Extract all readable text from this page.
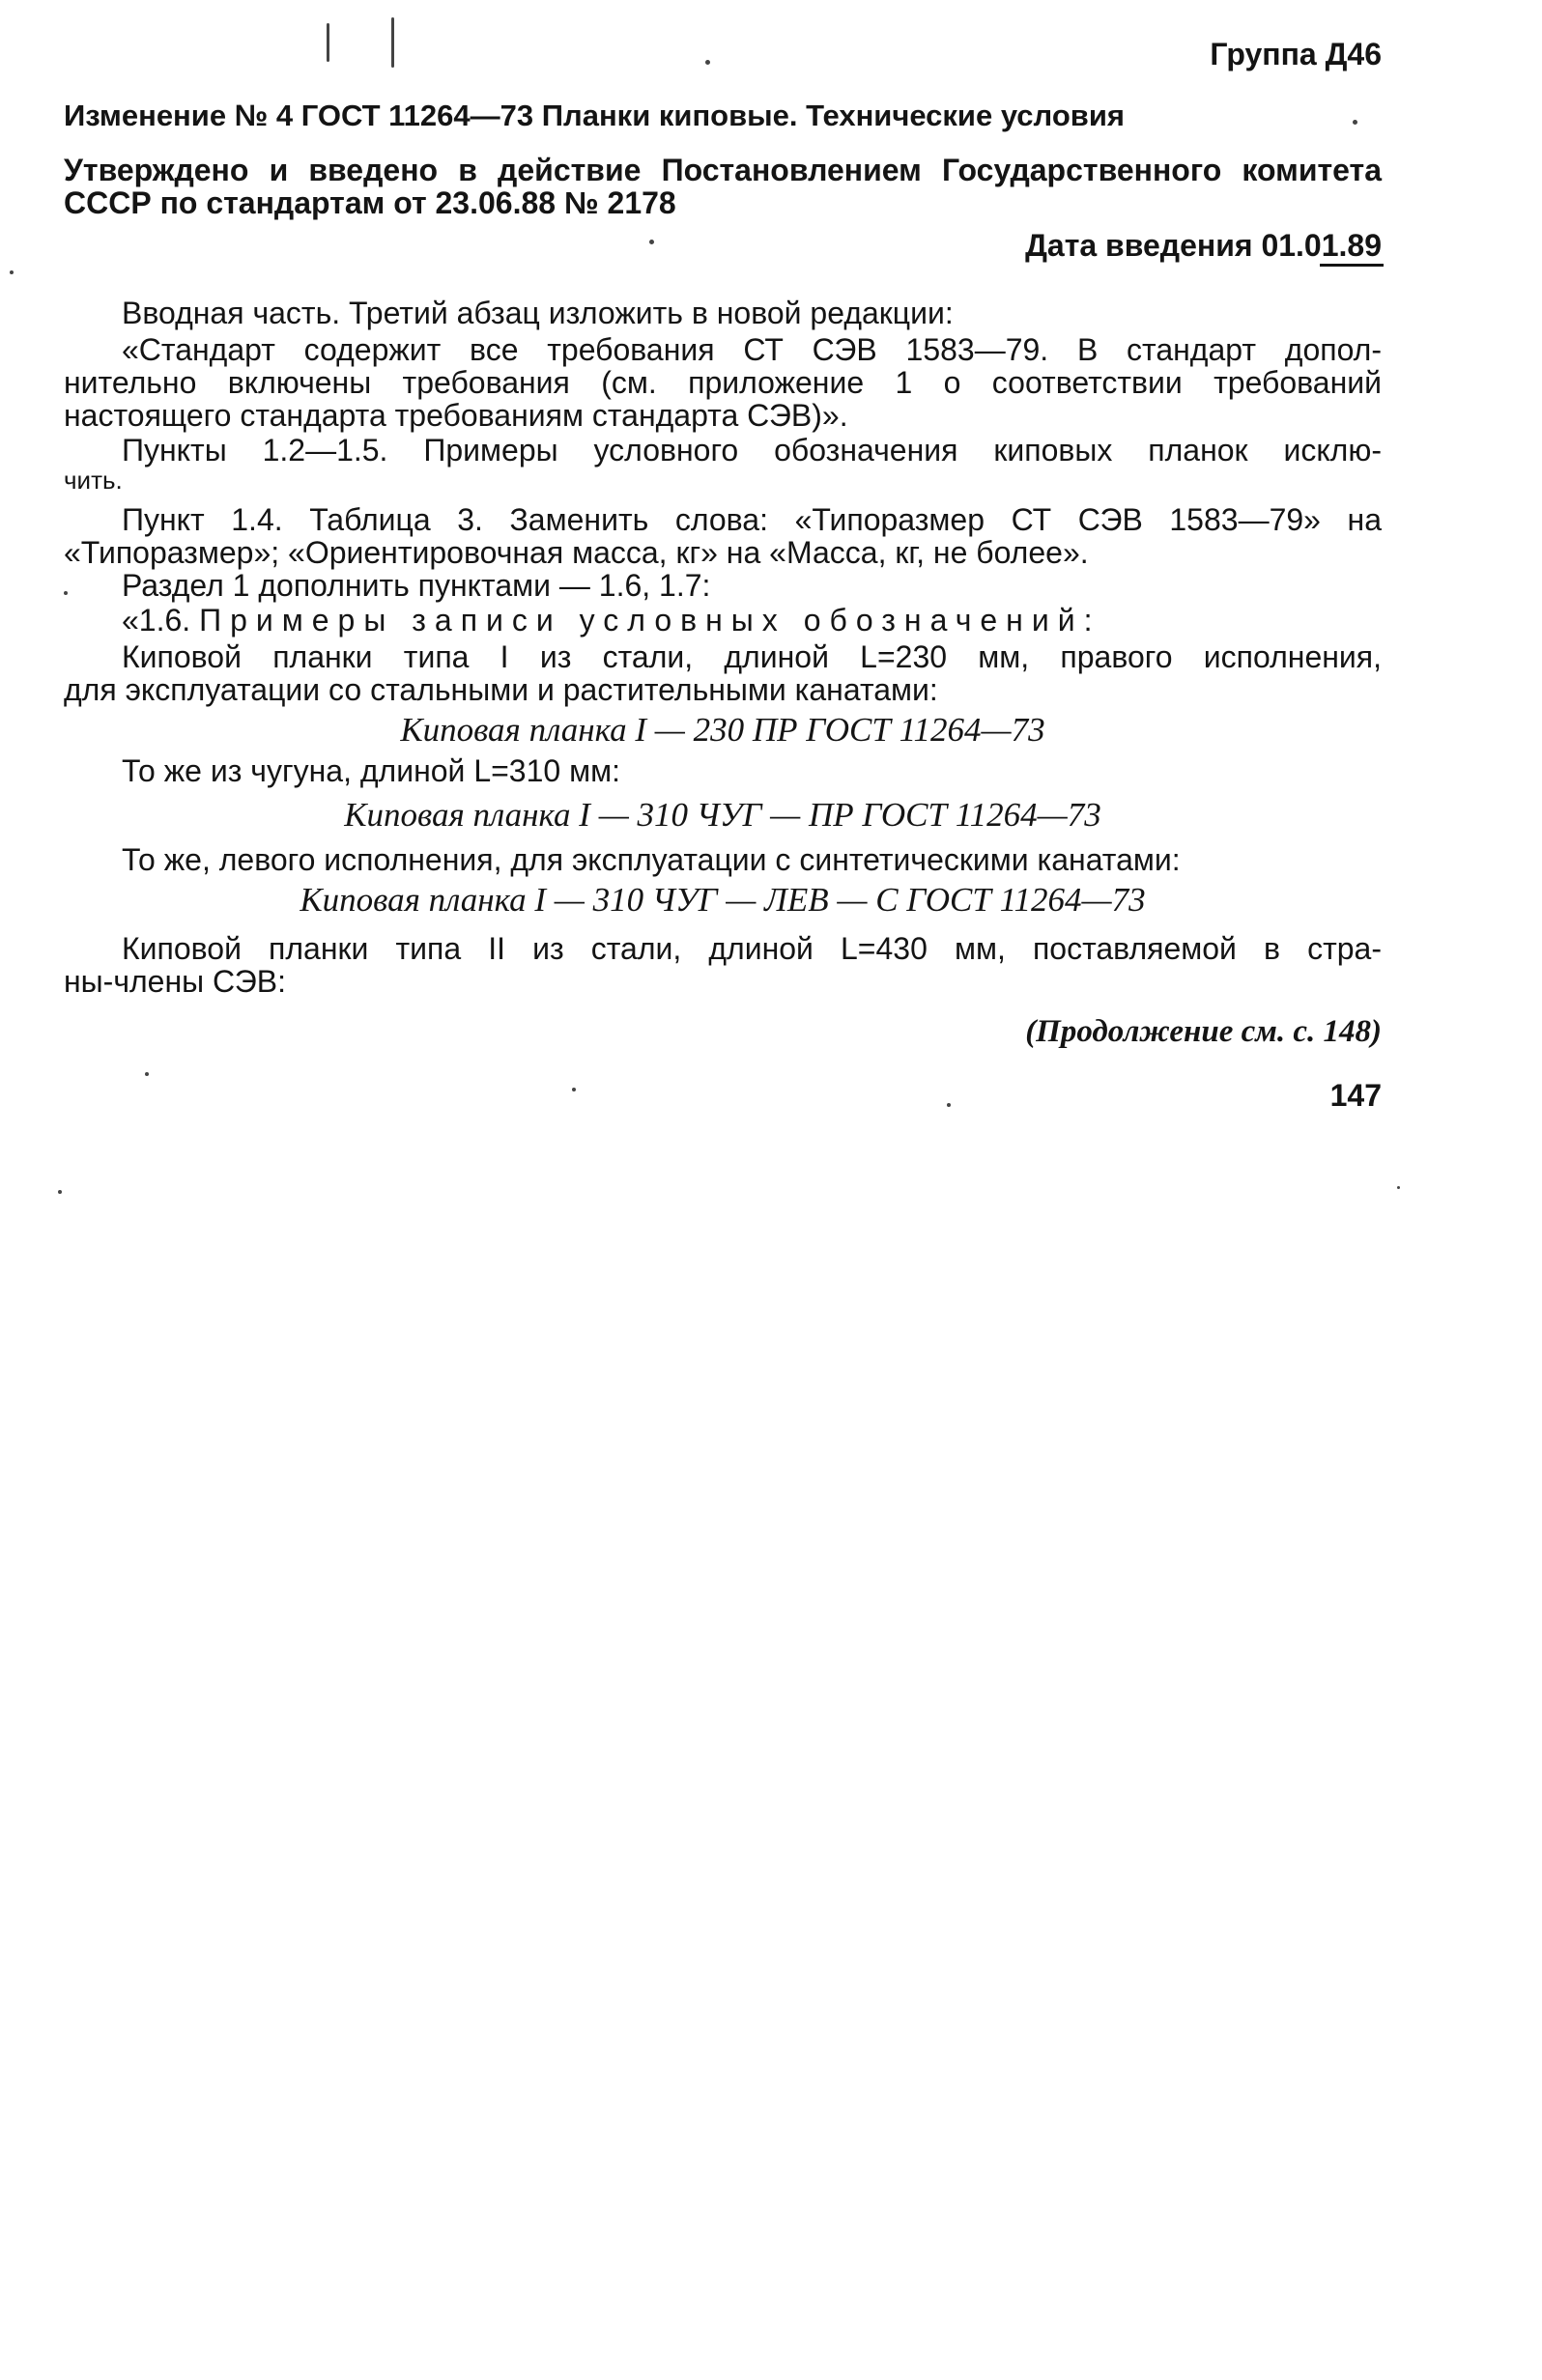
Группа Д46
Изменение № 4 ГОСТ 11264—73 Планки киповые. Технические условия
Утверждено и введено в действие Постановлением Государственного комитета
СССР по стандартам от 23.06.88 № 2178
Дата введения 01.01.89
Вводная часть. Третий абзац изложить в новой редакции:
«Стандарт содержит все требования СТ СЭВ 1583—79. В стандарт допол-
нительно включены требования (см. приложение 1 о соответствии требований
настоящего стандарта требованиям стандарта СЭВ)».
Пункты 1.2—1.5. Примеры условного обозначения киповых планок исклю-
чить.
Пункт 1.4. Таблица 3. Заменить слова: «Типоразмер СТ СЭВ 1583—79» на
«Типоразмер»; «Ориентировочная масса, кг» на «Масса, кг, не более».
Раздел 1 дополнить пунктами — 1.6, 1.7:
«1.6. Примеры записи условных обозначений:
Киповой планки типа I из стали, длиной L=230 мм, правого исполнения,
для эксплуатации со стальными и растительными канатами:
Киповая планка I — 230 ПР ГОСТ 11264—73
То же из чугуна, длиной L=310 мм:
Киповая планка I — 310 ЧУГ — ПР ГОСТ 11264—73
То же, левого исполнения, для эксплуатации с синтетическими канатами:
Киповая планка I — 310 ЧУГ — ЛЕВ — С ГОСТ 11264—73
Киповой планки типа II из стали, длиной L=430 мм, поставляемой в стра-
ны-члены СЭВ:
(Продолжение см. с. 148)
147
